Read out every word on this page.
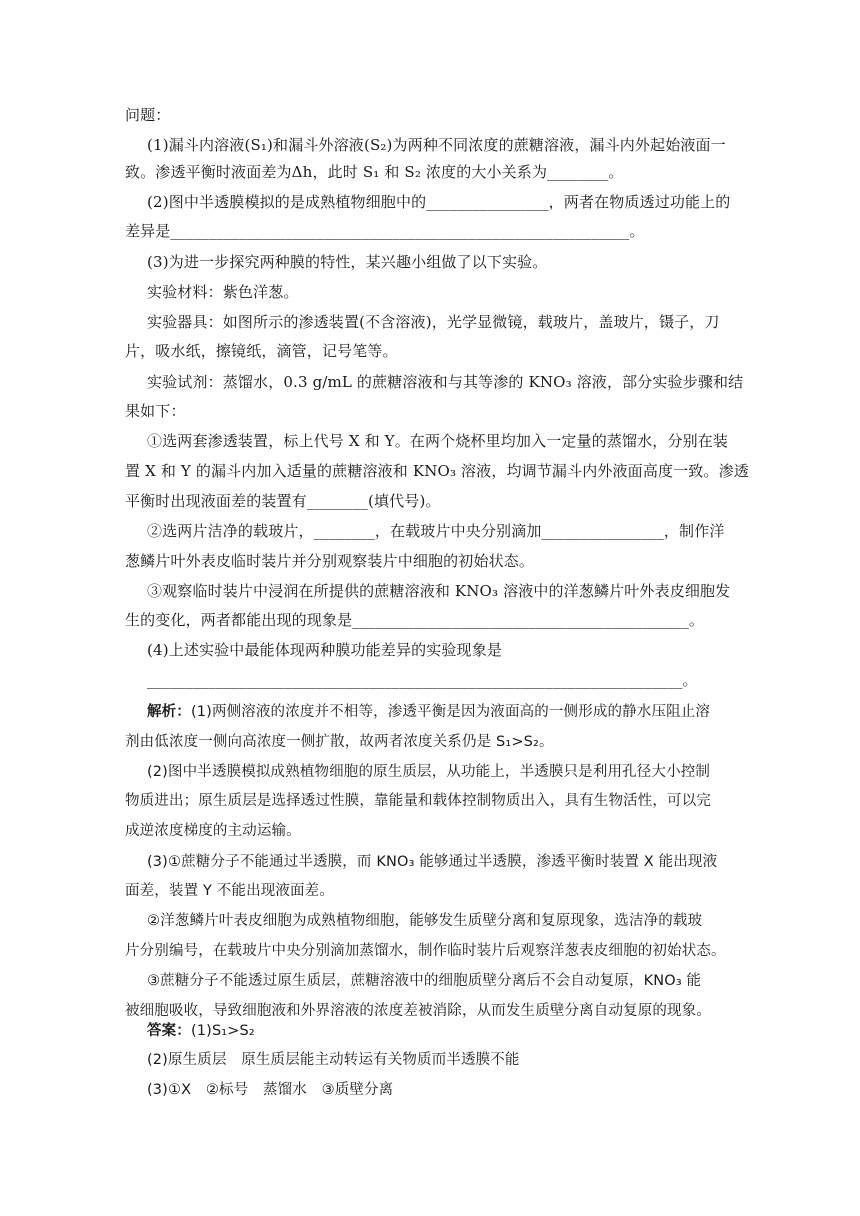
问题：
(1)漏斗内溶液(S₁)和漏斗外溶液(S₂)为两种不同浓度的蔗糖溶液，漏斗内外起始液面一
致。渗透平衡时液面差为Δh，此时 S₁ 和 S₂ 浓度的大小关系为________。
(2)图中半透膜模拟的是成熟植物细胞中的________________，两者在物质透过功能上的
差异是____________________________________________________________。
(3)为进一步探究两种膜的特性，某兴趣小组做了以下实验。
实验材料：紫色洋葱。
实验器具：如图所示的渗透装置(不含溶液)，光学显微镜，载玻片，盖玻片，镊子，刀
片，吸水纸，擦镜纸，滴管，记号笔等。
实验试剂：蒸馏水，0.3 g/mL 的蔗糖溶液和与其等渗的 KNO₃ 溶液，部分实验步骤和结
果如下：
①选两套渗透装置，标上代号 X 和 Y。在两个烧杯里均加入一定量的蒸馏水，分别在装
置 X 和 Y 的漏斗内加入适量的蔗糖溶液和 KNO₃ 溶液，均调节漏斗内外液面高度一致。渗透
平衡时出现液面差的装置有________(填代号)。
②选两片洁净的载玻片，________，在载玻片中央分别滴加________________，制作洋
葱鳞片叶外表皮临时装片并分别观察装片中细胞的初始状态。
③观察临时装片中浸润在所提供的蔗糖溶液和 KNO₃ 溶液中的洋葱鳞片叶外表皮细胞发
生的变化，两者都能出现的现象是____________________________________________。
(4)上述实验中最能体现两种膜功能差异的实验现象是
______________________________________________________________________。
解析：(1)两侧溶液的浓度并不相等，渗透平衡是因为液面高的一侧形成的静水压阻止溶
剂由低浓度一侧向高浓度一侧扩散，故两者浓度关系仍是 S₁>S₂。
(2)图中半透膜模拟成熟植物细胞的原生质层，从功能上，半透膜只是利用孔径大小控制
物质进出；原生质层是选择透过性膜，靠能量和载体控制物质出入，具有生物活性，可以完
成逆浓度梯度的主动运输。
(3)①蔗糖分子不能通过半透膜，而 KNO₃ 能够通过半透膜，渗透平衡时装置 X 能出现液
面差，装置 Y 不能出现液面差。
②洋葱鳞片叶表皮细胞为成熟植物细胞，能够发生质壁分离和复原现象，选洁净的载玻
片分别编号，在载玻片中央分别滴加蒸馏水，制作临时装片后观察洋葱表皮细胞的初始状态。
③蔗糖分子不能透过原生质层，蔗糖溶液中的细胞质壁分离后不会自动复原，KNO₃ 能
被细胞吸收，导致细胞液和外界溶液的浓度差被消除，从而发生质壁分离自动复原的现象。
答案：(1)S₁>S₂
(2)原生质层　原生质层能主动转运有关物质而半透膜不能
(3)①X　②标号　蒸馏水　③质壁分离
